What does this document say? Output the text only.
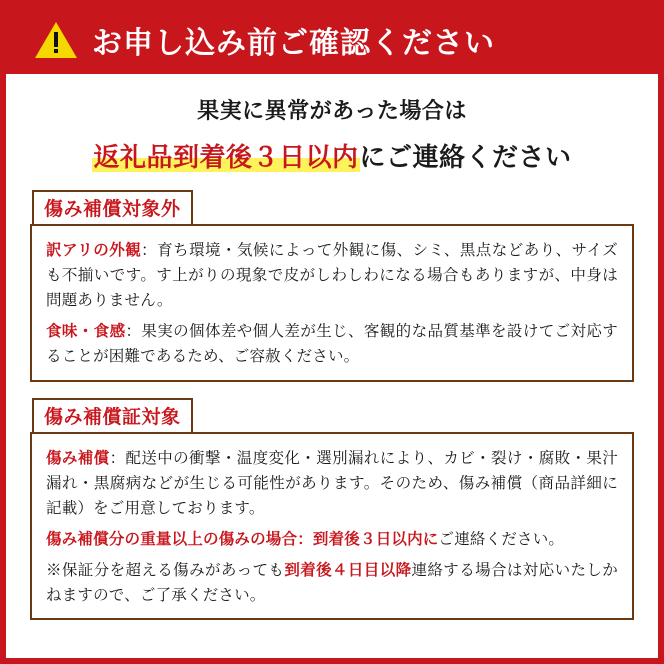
お申し込み前ご確認ください
果実に異常があった場合は
返礼品到着後３日以内にご連絡ください
傷み補償対象外

訳アリの外観：育ち環境・気候によって外観に傷、シミ、黒点などあり、サイズも不揃いです。す上がりの現象で皮がしわしわになる場合もありますが、中身は問題ありません。

食味・食感：果実の個体差や個人差が生じ、客観的な品質基準を設けてご対応することが困難であるため、ご容赦ください。

傷み補償証対象

傷み補償：配送中の衝撃・温度変化・選別漏れにより、カビ・裂け・腐敗・果汁漏れ・黒腐病などが生じる可能性があります。そのため、傷み補償（商品詳細に記載）をご用意しております。

傷み補償分の重量以上の傷みの場合：到着後３日以内にご連絡ください。

※保証分を超える傷みがあっても到着後４日目以降連絡する場合は対応いたしかねますので、ご了承ください。
